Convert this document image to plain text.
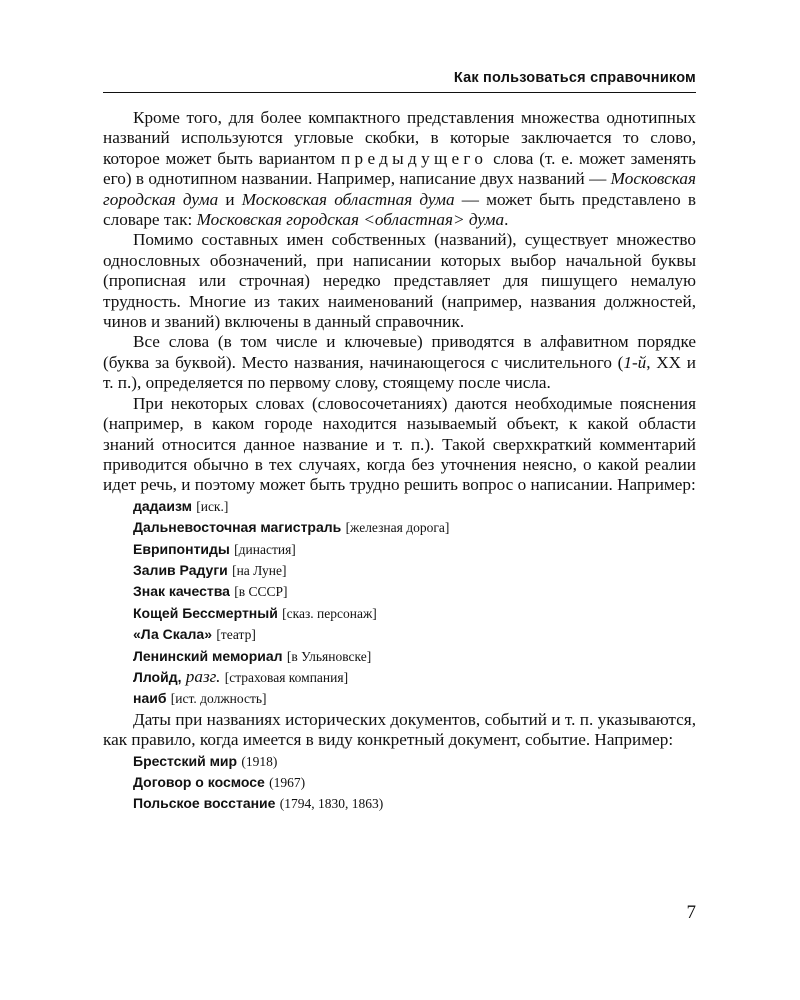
Как пользоваться справочником

Кроме того, для более компактного представления множества однотипных названий используются угловые скобки, в которые заключается то слово, которое может быть вариантом предыдущего слова (т. е. может заменять его) в однотипном названии. Например, написание двух названий — Московская городская дума и Московская областная дума — может быть представлено в словаре так: Московская городская <областная> дума.

Помимо составных имен собственных (названий), существует множество однословных обозначений, при написании которых выбор начальной буквы (прописная или строчная) нередко представляет для пишущего немалую трудность. Многие из таких наименований (например, названия должностей, чинов и званий) включены в данный справочник.

Все слова (в том числе и ключевые) приводятся в алфавитном порядке (буква за буквой). Место названия, начинающегося с числительного (1-й, XX и т. п.), определяется по первому слову, стоящему после числа.

При некоторых словах (словосочетаниях) даются необходимые пояснения (например, в каком городе находится называемый объект, к какой области знаний относится данное название и т. п.). Такой сверхкраткий комментарий приводится обычно в тех случаях, когда без уточнения неясно, о какой реалии идет речь, и поэтому может быть трудно решить вопрос о написании. Например:

дадаизм [иск.]
Дальневосточная магистраль [железная дорога]
Еврипонтиды [династия]
Залив Радуги [на Луне]
Знак качества [в СССР]
Кощей Бессмертный [сказ. персонаж]
«Ла Скала» [театр]
Ленинский мемориал [в Ульяновске]
Ллойд, разг. [страховая компания]
наиб [ист. должность]

Даты при названиях исторических документов, событий и т. п. указываются, как правило, когда имеется в виду конкретный документ, событие. Например:

Брестский мир (1918)
Договор о космосе (1967)
Польское восстание (1794, 1830, 1863)
7
